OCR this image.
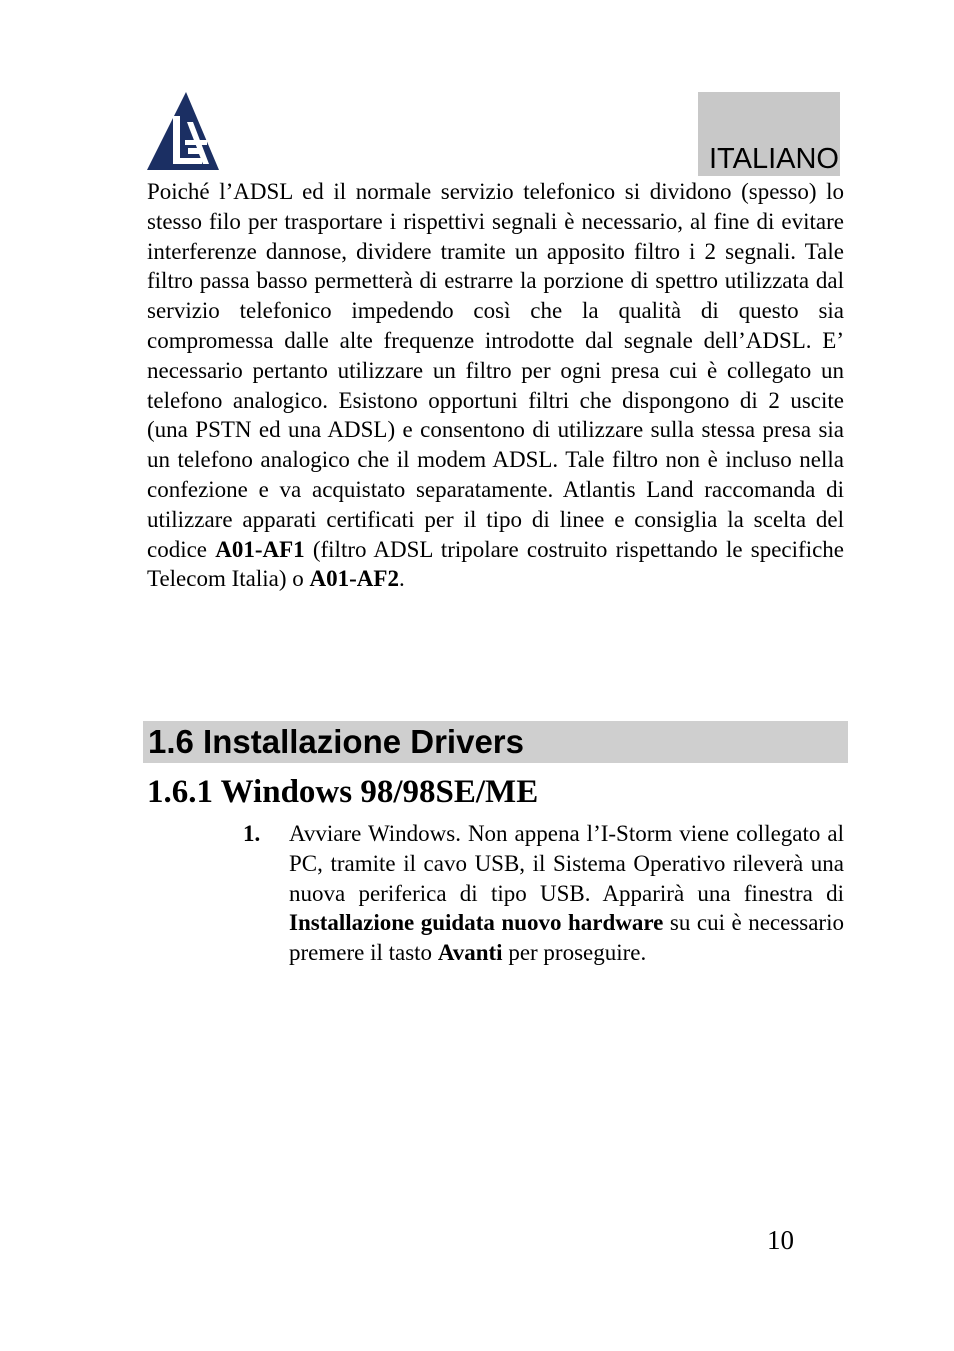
ITALIANO

Poiché l’ADSL ed il normale servizio telefonico si dividono (spesso) lo stesso filo per trasportare i rispettivi segnali è necessario, al fine di evitare interferenze dannose, dividere tramite un apposito filtro i 2 segnali. Tale filtro passa basso permetterà di estrarre la porzione di spettro utilizzata dal servizio telefonico impedendo così che la qualità di questo sia compromessa dalle alte frequenze introdotte dal segnale dell’ADSL. E’ necessario pertanto utilizzare un filtro per ogni presa cui è collegato un telefono analogico. Esistono opportuni filtri che dispongono di 2 uscite (una PSTN ed una ADSL) e consentono di utilizzare sulla stessa presa sia un telefono analogico che il modem ADSL. Tale filtro non è incluso nella confezione e va acquistato separatamente. Atlantis Land raccomanda di utilizzare apparati certificati per il tipo di linee e consiglia la scelta del codice A01-AF1 (filtro ADSL tripolare costruito rispettando le specifiche Telecom Italia) o A01-AF2.

1.6 Installazione Drivers
1.6.1 Windows 98/98SE/ME
1. Avviare Windows. Non appena l’I-Storm viene collegato al PC, tramite il cavo USB, il Sistema Operativo rileverà una nuova periferica di tipo USB. Apparirà una finestra di Installazione guidata nuovo hardware su cui è necessario premere il tasto Avanti per proseguire.

10
